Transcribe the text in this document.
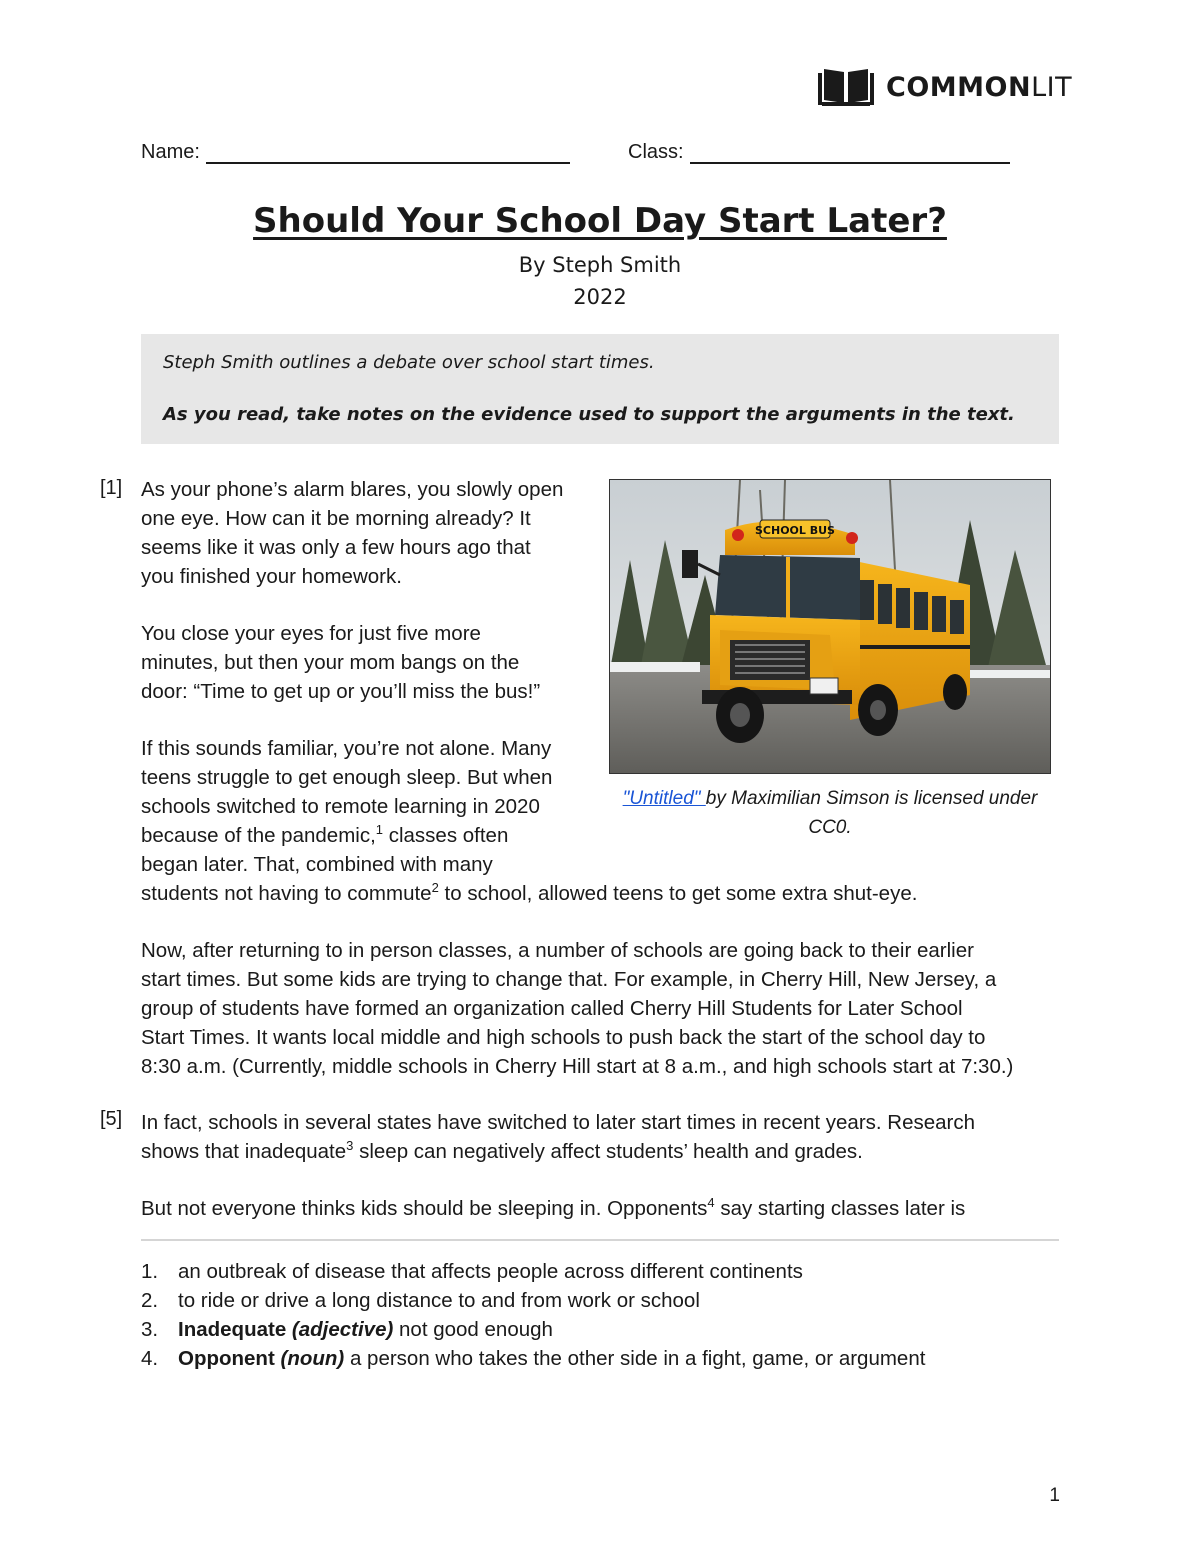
COMMONLIT
Name:	Class:
Should Your School Day Start Later?
By Steph Smith
2022

Steph Smith outlines a debate over school start times.

As you read, take notes on the evidence used to support the arguments in the text.

[1]
[5]
As your phone’s alarm blares, you slowly open
one eye. How can it be morning already? It
seems like it was only a few hours ago that
you finished your homework.
You close your eyes for just five more
minutes, but then your mom bangs on the
door: “Time to get up or you’ll miss the bus!”
If this sounds familiar, you’re not alone. Many
teens struggle to get enough sleep. But when
schools switched to remote learning in 2020
because of the pandemic,$^1$ classes often
began later. That, combined with many
students not having to commute$^2$ to school, allowed teens to get some extra shut-eye.
SCHOOL BUS
"Untitled" by Maximilian Simson is licensed under CC0.
Now, after returning to in person classes, a number of schools are going back to their earlier
start times. But some kids are trying to change that. For example, in Cherry Hill, New Jersey, a
group of students have formed an organization called Cherry Hill Students for Later School
Start Times. It wants local middle and high schools to push back the start of the school day to
8:30 a.m. (Currently, middle schools in Cherry Hill start at 8 a.m., and high schools start at 7:30.)
In fact, schools in several states have switched to later start times in recent years. Research
shows that inadequate$^3$ sleep can negatively affect students’ health and grades.
But not everyone thinks kids should be sleeping in. Opponents$^4$ say starting classes later is
1. an outbreak of disease that affects people across different continents
2. to ride or drive a long distance to and from work or school
3. Inadequate (adjective) not good enough
4. Opponent (noun) a person who takes the other side in a fight, game, or argument
1
